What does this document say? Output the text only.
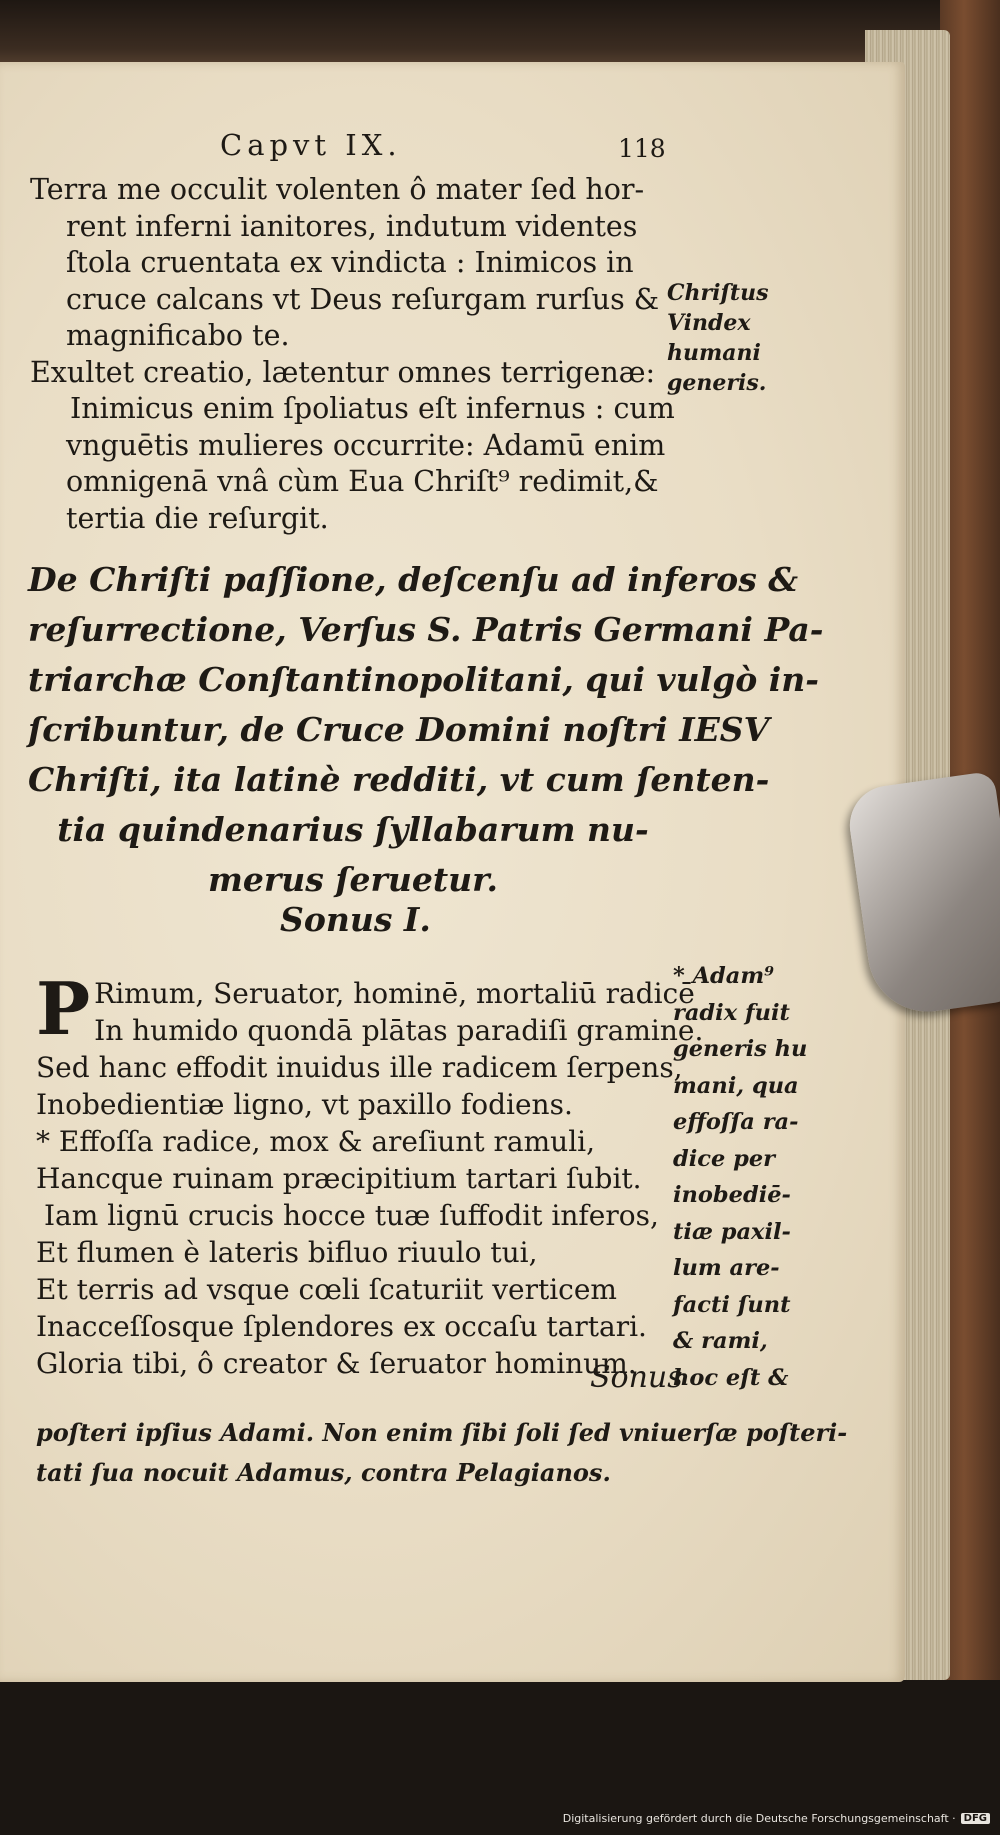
Capvt IX.	118
Terra me occulit volenten ô mater ſed hor-
rent inferni ianitores, indutum videntes
ſtola cruentata ex vindicta : Inimicos in
cruce calcans vt Deus reſurgam rurſus &
magnificabo te.
Exultet creatio, lætentur omnes terrigenæ:
Inimicus enim ſpoliatus eſt infernus : cum
vnguētis mulieres occurrite: Adamū enim
omnigenā vnâ cùm Eua Chriſt⁹ redimit,&
tertia die reſurgit.
Chriſtus
Vindex
humani
generis.
De Chriſti paſſione, deſcenſu ad inferos &
reſurrectione, Verſus S. Patris Germani Pa-
triarchæ Conſtantinopolitani, qui vulgò in-
ſcribuntur, de Cruce Domini noſtri IESV
Chriſti, ita latinè redditi, vt cum ſenten-
tia quindenarius ſyllabarum nu-
merus ſeruetur.
Sonus I.
P Rimum, Seruator, hominē, mortaliū radicē
In humido quondā plātas paradiſi gramine.
Sed hanc effodit inuidus ille radicem ſerpens,
Inobedientiæ ligno, vt paxillo fodiens.
* Effoſſa radice, mox & areſiunt ramuli,
Hancque ruinam præcipitium tartari ſubit.
Iam lignū crucis hocce tuæ ſuffodit inferos,
Et flumen è lateris bifluo riuulo tui,
Et terris ad vsque cœli ſcaturiit verticem
Inacceſſosque ſplendores ex occaſu tartari.
Gloria tibi, ô creator & ſeruator hominum.
Sonus
* Adam⁹
radix fuit
generis hu
mani, qua
effoſſa ra-
dice per
inobediē-
tiæ paxil-
lum are-
facti ſunt
& rami,
hoc eſt &
poſteri ipſius Adami. Non enim ſibi ſoli ſed vniuerſæ poſteri-
tati ſua nocuit Adamus, contra Pelagianos.
Digitalisierung gefördert durch die Deutsche Forschungsgemeinschaft · DFG
